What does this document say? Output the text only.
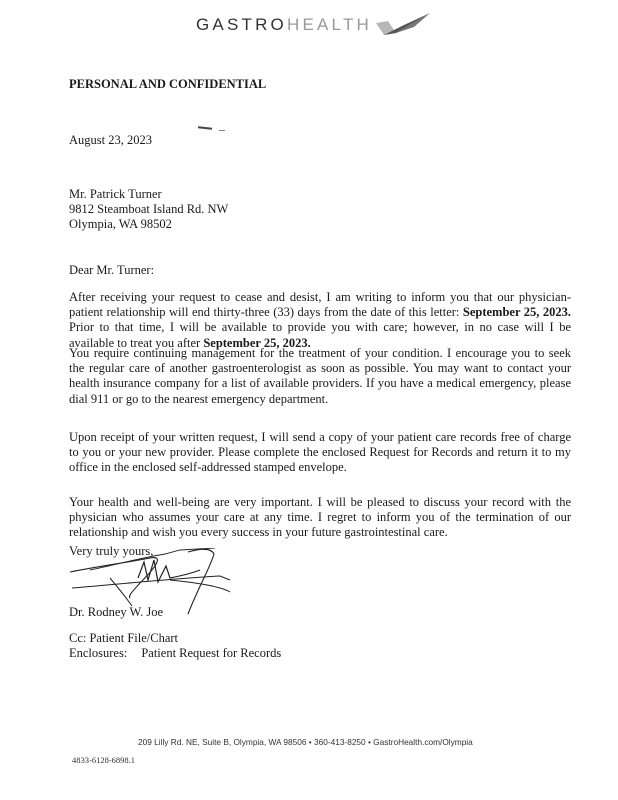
GASTRO HEALTH
PERSONAL AND CONFIDENTIAL
August 23, 2023
Mr. Patrick Turner
9812 Steamboat Island Rd. NW
Olympia, WA 98502
Dear Mr. Turner:
After receiving your request to cease and desist, I am writing to inform you that our physician-patient relationship will end thirty-three (33) days from the date of this letter: September 25, 2023. Prior to that time, I will be available to provide you with care; however, in no case will I be available to treat you after September 25, 2023.
You require continuing management for the treatment of your condition. I encourage you to seek the regular care of another gastroenterologist as soon as possible. You may want to contact your health insurance company for a list of available providers. If you have a medical emergency, please dial 911 or go to the nearest emergency department.
Upon receipt of your written request, I will send a copy of your patient care records free of charge to you or your new provider. Please complete the enclosed Request for Records and return it to my office in the enclosed self-addressed stamped envelope.
Your health and well-being are very important. I will be pleased to discuss your record with the physician who assumes your care at any time. I regret to inform you of the termination of our relationship and wish you every success in your future gastrointestinal care.
Very truly yours,
Dr. Rodney W. Joe
Cc: Patient File/Chart
Enclosures: Patient Request for Records
209 Lilly Rd. NE, Suite B, Olympia, WA 98506 • 360-413-8250 • GastroHealth.com/Olympia
4833-6128-6898.1
